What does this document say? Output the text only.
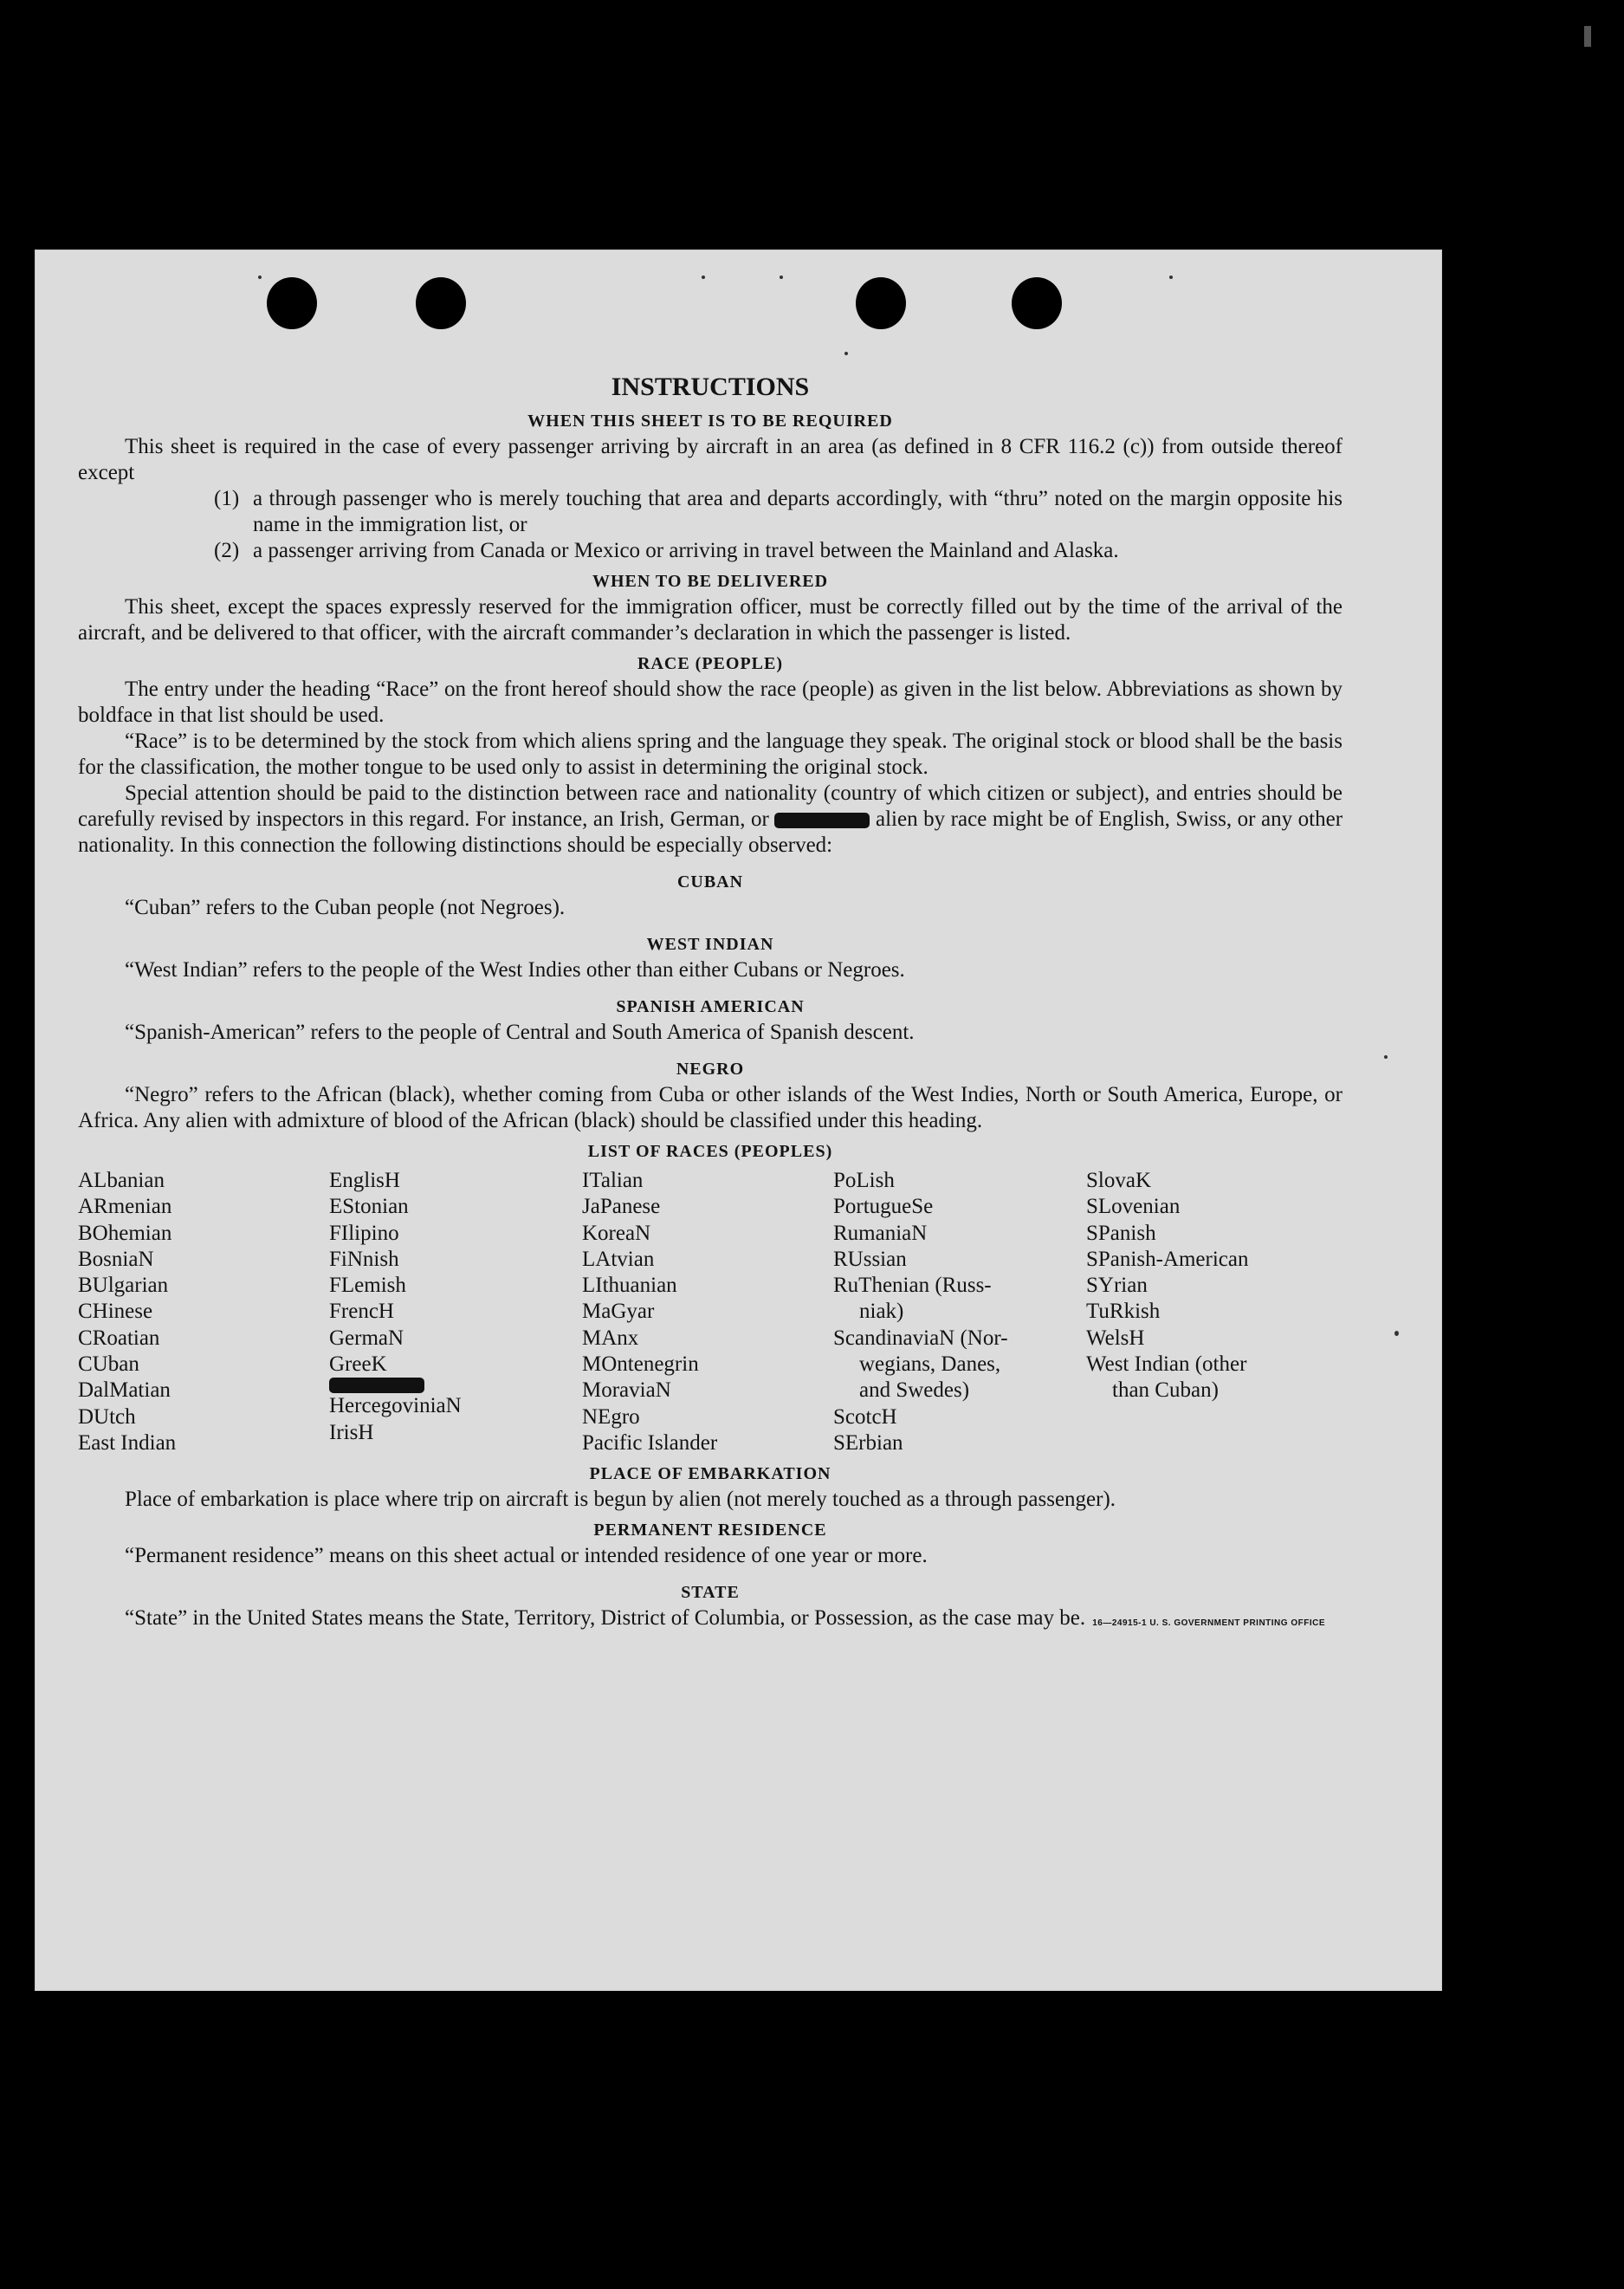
INSTRUCTIONS
WHEN THIS SHEET IS TO BE REQUIRED

This sheet is required in the case of every passenger arriving by aircraft in an area (as defined in 8 CFR 116.2 (c)) from outside thereof except

(1) a through passenger who is merely touching that area and departs accordingly, with “thru” noted on the margin opposite his name in the immigration list, or

(2) a passenger arriving from Canada or Mexico or arriving in travel between the Mainland and Alaska.

WHEN TO BE DELIVERED

This sheet, except the spaces expressly reserved for the immigration officer, must be correctly filled out by the time of the arrival of the aircraft, and be delivered to that officer, with the aircraft commander’s declaration in which the passenger is listed.

RACE (PEOPLE)

The entry under the heading “Race” on the front hereof should show the race (people) as given in the list below. Abbreviations as shown by boldface in that list should be used.

“Race” is to be determined by the stock from which aliens spring and the language they speak. The original stock or blood shall be the basis for the classification, the mother tongue to be used only to assist in determining the original stock.

Special attention should be paid to the distinction between race and nationality (country of which citizen or subject), and entries should be carefully revised by inspectors in this regard. For instance, an Irish, German, or	alien by race might be of English, Swiss, or any other nationality. In this connection the following distinctions should be especially observed:

CUBAN

“Cuban” refers to the Cuban people (not Negroes).

WEST INDIAN

“West Indian” refers to the people of the West Indies other than either Cubans or Negroes.

SPANISH AMERICAN

“Spanish-American” refers to the people of Central and South America of Spanish descent.

NEGRO

“Negro” refers to the African (black), whether coming from Cuba or other islands of the West Indies, North or South America, Europe, or Africa. Any alien with admixture of blood of the African (black) should be classified under this heading.

LIST OF RACES (PEOPLES)
ALbanian
ARmenian
BOhemian
BosniaN
BUlgarian
CHinese
CRoatian
CUban
DalMatian
DUtch
East Indian
EnglisH
EStonian
FIlipino
FiNnish
FLemish
FrencH
GermaN
GreeK
HercegoviniaN
IrisH
ITalian
JaPanese
KoreaN
LAtvian
LIthuanian
MaGyar
MAnx
MOntenegrin
MoraviaN
NEgro
Pacific Islander
PoLish
PortugueSe
RumaniaN
RUssian
RuThenian (Russ-
niak)
ScandinaviaN (Nor-
wegians, Danes,
and Swedes)
ScotcH
SErbian
SlovaK
SLovenian
SPanish
SPanish-American
SYrian
TuRkish
WelsH
West Indian (other
than Cuban)
PLACE OF EMBARKATION

Place of embarkation is place where trip on aircraft is begun by alien (not merely touched as a through passenger).

PERMANENT RESIDENCE

“Permanent residence” means on this sheet actual or intended residence of one year or more.

STATE

“State” in the United States means the State, Territory, District of Columbia, or Possession, as the case may be. 16—24915-1 U. S. GOVERNMENT PRINTING OFFICE
